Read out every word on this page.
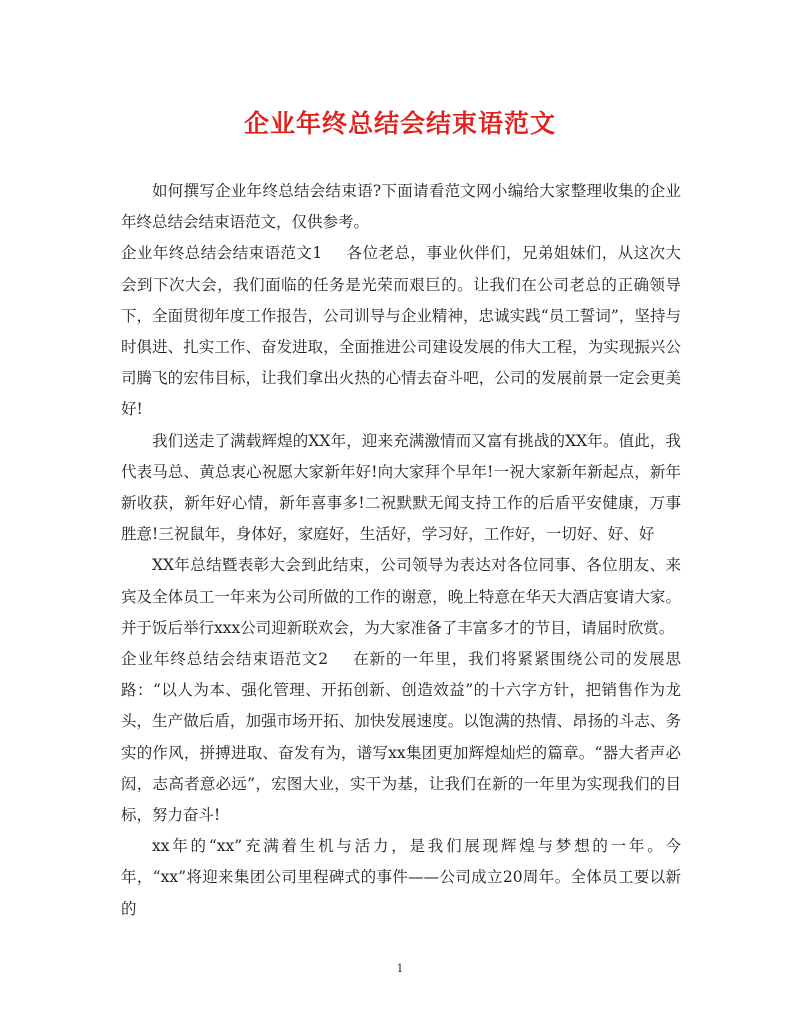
企业年终总结会结束语范文

如何撰写企业年终总结会结束语?下面请看范文网小编给大家整理收集的企业年终总结会结束语范文，仅供参考。

企业年终总结会结束语范文1 各位老总，事业伙伴们，兄弟姐妹们，从这次大会到下次大会，我们面临的任务是光荣而艰巨的。让我们在公司老总的正确领导下，全面贯彻年度工作报告，公司训导与企业精神，忠诚实践“员工誓词”，坚持与时俱进、扎实工作、奋发进取，全面推进公司建设发展的伟大工程，为实现振兴公司腾飞的宏伟目标，让我们拿出火热的心情去奋斗吧，公司的发展前景一定会更美好!

我们送走了满载辉煌的XX年，迎来充满激情而又富有挑战的XX年。值此，我代表马总、黄总衷心祝愿大家新年好!向大家拜个早年!一祝大家新年新起点，新年新收获，新年好心情，新年喜事多!二祝默默无闻支持工作的后盾平安健康，万事胜意!三祝鼠年，身体好，家庭好，生活好，学习好，工作好，一切好、好、好

XX年总结暨表彰大会到此结束，公司领导为表达对各位同事、各位朋友、来宾及全体员工一年来为公司所做的工作的谢意，晚上特意在华天大酒店宴请大家。并于饭后举行xxx公司迎新联欢会，为大家准备了丰富多才的节目，请届时欣赏。

企业年终总结会结束语范文2 在新的一年里，我们将紧紧围绕公司的发展思路：“以人为本、强化管理、开拓创新、创造效益”的十六字方针，把销售作为龙头，生产做后盾，加强市场开拓、加快发展速度。以饱满的热情、昂扬的斗志、务实的作风，拼搏进取、奋发有为，谱写xx集团更加辉煌灿烂的篇章。“器大者声必闳，志高者意必远”，宏图大业，实干为基，让我们在新的一年里为实现我们的目标，努力奋斗!

xx年的“xx”充满着生机与活力，是我们展现辉煌与梦想的一年。今年，“xx”将迎来集团公司里程碑式的事件——公司成立20周年。全体员工要以新的

1
